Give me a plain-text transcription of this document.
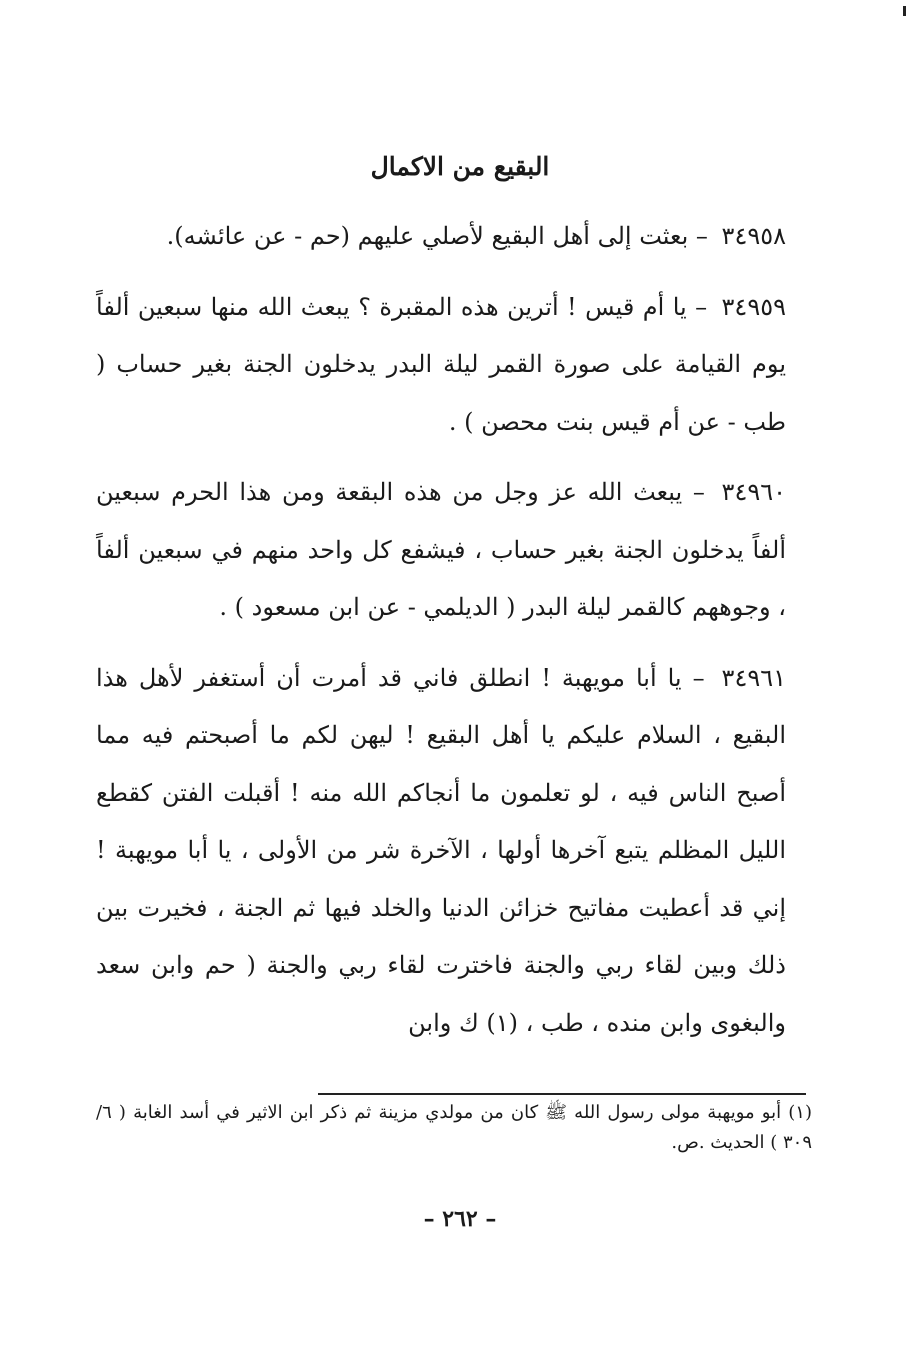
البقيع من الاكمال

٣٤٩٥٨ – بعثت إلى أهل البقيع لأصلي عليهم (حم - عن عائشه).

٣٤٩٥٩ – يا أم قيس ! أترين هذه المقبرة ؟ يبعث الله منها سبعين ألفاً يوم القيامة على صورة القمر ليلة البدر يدخلون الجنة بغير حساب ( طب - عن أم قيس بنت محصن ) .

٣٤٩٦٠ – يبعث الله عز وجل من هذه البقعة ومن هذا الحرم سبعين ألفاً يدخلون الجنة بغير حساب ، فيشفع كل واحد منهم في سبعين ألفاً ، وجوههم كالقمر ليلة البدر ( الديلمي - عن ابن مسعود ) .

٣٤٩٦١ – يا أبا مويهبة ! انطلق فاني قد أمرت أن أستغفر لأهل هذا البقيع ، السلام عليكم يا أهل البقيع ! ليهن لكم ما أصبحتم فيه مما أصبح الناس فيه ، لو تعلمون ما أنجاكم الله منه ! أقبلت الفتن كقطع الليل المظلم يتبع آخرها أولها ، الآخرة شر من الأولى ، يا أبا مويهبة ! إني قد أعطيت مفاتيح خزائن الدنيا والخلد فيها ثم الجنة ، فخيرت بين ذلك وبين لقاء ربي والجنة فاخترت لقاء ربي والجنة ( حم وابن سعد والبغوى وابن منده ، طب ، (١) ك وابن

(١) أبو مويهبة مولى رسول الله ﷺ كان من مولدي مزينة ثم ذكر ابن الاثير في أسد الغابة ( ٦/ ٣٠٩ ) الحديث .ص.

– ٢٦٢ –
